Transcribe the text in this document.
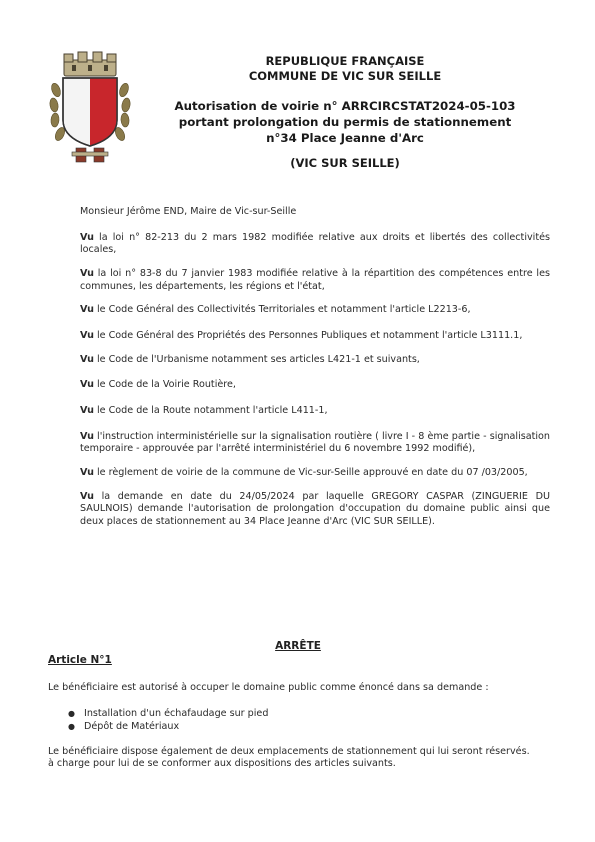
REPUBLIQUE FRANÇAISE
COMMUNE DE VIC SUR SEILLE
Autorisation de voirie n° ARRCIRCSTAT2024-05-103
portant prolongation du permis de stationnement
n°34 Place Jeanne d'Arc
(VIC SUR SEILLE)

Monsieur Jérôme END, Maire de Vic-sur-Seille

Vu la loi n° 82-213 du 2 mars 1982 modifiée relative aux droits et libertés des collectivités locales,

Vu la loi n° 83-8 du 7 janvier 1983 modifiée relative à la répartition des compétences entre les communes, les départements, les régions et l'état,

Vu le Code Général des Collectivités Territoriales et notamment l'article L2213-6,

Vu le Code Général des Propriétés des Personnes Publiques et notamment l'article L3111.1,

Vu le Code de l'Urbanisme notamment ses articles L421-1 et suivants,

Vu le Code de la Voirie Routière,

Vu le Code de la Route notamment l'article L411-1,

Vu l'instruction interministérielle sur la signalisation routière ( livre I - 8 ème partie - signalisation temporaire - approuvée par l'arrêté interministériel du 6 novembre 1992 modifié),

Vu le règlement de voirie de la commune de Vic-sur-Seille approuvé en date du 07 /03/2005,

Vu la demande en date du 24/05/2024 par laquelle GREGORY CASPAR (ZINGUERIE DU SAULNOIS) demande l'autorisation de prolongation d'occupation du domaine public ainsi que deux places de stationnement au 34 Place Jeanne d'Arc (VIC SUR SEILLE).

ARRÊTE
Article N°1

Le bénéficiaire est autorisé à occuper le domaine public comme énoncé dans sa demande :

● Installation d'un échafaudage sur pied
● Dépôt de Matériaux

Le bénéficiaire dispose également de deux emplacements de stationnement qui lui seront réservés.

à charge pour lui de se conformer aux dispositions des articles suivants.
